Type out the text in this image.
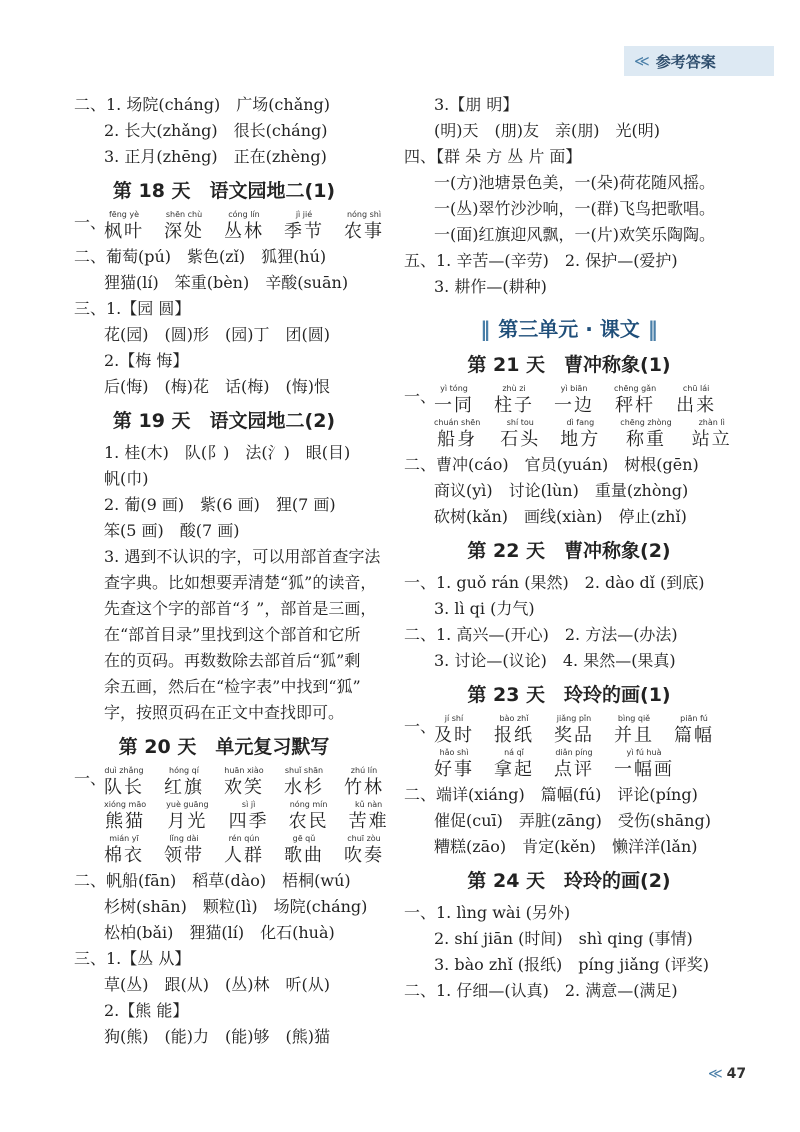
≪ 参考答案
二、1. 场院(cháng)　广场(chǎng)
2. 长大(zhǎng)　很长(cháng)
3. 正月(zhēng)　正在(zhèng)
第 18 天　语文园地二(1)
一、 fēng yè
枫叶
shēn chù
深处
cóng lín
丛林
jì jié
季节
nóng shì
农事
二、葡萄(pú)　紫色(zǐ)　狐狸(hú)
狸猫(lí)　笨重(bèn)　辛酸(suān)
三、1.【园 圆】
花(园)　(圆)形　(园)丁　团(圆)
2.【梅 悔】
后(悔)　(梅)花　话(梅)　(悔)恨
第 19 天　语文园地二(2)
1. 桂(木)　队(阝)　法(氵)　眼(目)
帆(巾)
2. 葡(9 画)　紫(6 画)　狸(7 画)
笨(5 画)　酸(7 画)
3. 遇到不认识的字，可以用部首查字法
查字典。比如想要弄清楚“狐”的读音，
先查这个字的部首“犭”，部首是三画，
在“部首目录”里找到这个部首和它所
在的页码。再数数除去部首后“狐”剩
余五画，然后在“检字表”中找到“狐”
字，按照页码在正文中查找即可。
第 20 天　单元复习默写
一、
duì zhǎng
队长
hóng qí
红旗
huān xiào
欢笑
shuǐ shān
水杉
zhú lín
竹林
xióng māo
熊猫
yuè guāng
月光
sì jì
四季
nóng mín
农民
kǔ nàn
苦难
mián yī
棉衣
lǐng dài
领带
rén qún
人群
gē qǔ
歌曲
chuī zòu
吹奏
二、帆船(fān)　稻草(dào)　梧桐(wú)
杉树(shān)　颗粒(lì)　场院(cháng)
松柏(bǎi)　狸猫(lí)　化石(huà)
三、1.【丛 从】
草(丛)　跟(从)　(丛)林　听(从)
2.【熊 能】
狗(熊)　(能)力　(能)够　(熊)猫
3.【朋 明】
(明)天　(朋)友　亲(朋)　光(明)
四、【群 朵 方 丛 片 面】
一(方)池塘景色美，一(朵)荷花随风摇。
一(丛)翠竹沙沙响，一(群)飞鸟把歌唱。
一(面)红旗迎风飘，一(片)欢笑乐陶陶。
五、1. 辛苦—(辛劳)　2. 保护—(爱护)
3. 耕作—(耕种)
‖ 第三单元 · 课文 ‖
第 21 天　曹冲称象(1)
一、 yì tóng
一同
zhù zi
柱子
yì biān
一边
chēng gǎn
秤杆
chū lái
出来
chuán shēn
船身
shí tou
石头
dì fang
地方
chēng zhòng
称重
zhàn lì
站立
二、曹冲(cáo)　官员(yuán)　树根(gēn)
商议(yì)　讨论(lùn)　重量(zhòng)
砍树(kǎn)　画线(xiàn)　停止(zhǐ)
第 22 天　曹冲称象(2)
一、1. guǒ rán (果然)　2. dào dǐ (到底)
3. lì qi (力气)
二、1. 高兴—(开心)　2. 方法—(办法)
3. 讨论—(议论)　4. 果然—(果真)
第 23 天　玲玲的画(1)
一、 jí shí
及时
bào zhǐ
报纸
jiǎng pǐn
奖品
bìng qiě
并且
piān fú
篇幅
hǎo shì
好事
ná qǐ
拿起
diǎn píng
点评
yì fú huà
一幅画
二、端详(xiáng)　篇幅(fú)　评论(píng)
催促(cuī)　弄脏(zāng)　受伤(shāng)
糟糕(zāo)　肯定(kěn)　懒洋洋(lǎn)
第 24 天　玲玲的画(2)
一、1. lìng wài (另外)
2. shí jiān (时间)　shì qing (事情)
3. bào zhǐ (报纸)　píng jiǎng (评奖)
二、1. 仔细—(认真)　2. 满意—(满足)
≪ 47
